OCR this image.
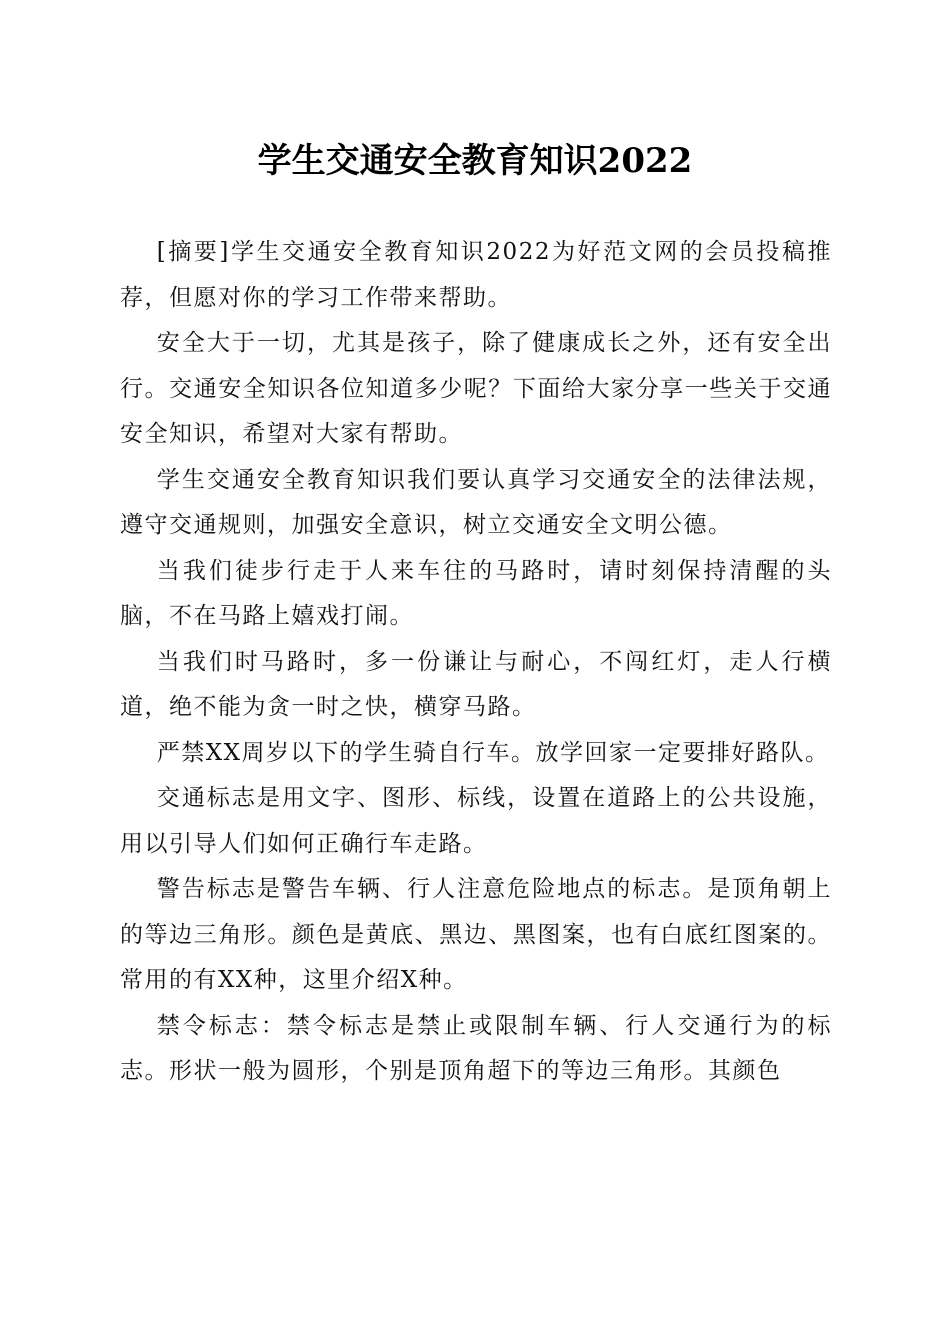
学生交通安全教育知识2022

[摘要]学生交通安全教育知识2022为好范文网的会员投稿推荐，但愿对你的学习工作带来帮助。

安全大于一切，尤其是孩子，除了健康成长之外，还有安全出行。交通安全知识各位知道多少呢？下面给大家分享一些关于交通安全知识，希望对大家有帮助。

学生交通安全教育知识我们要认真学习交通安全的法律法规，遵守交通规则，加强安全意识，树立交通安全文明公德。

当我们徒步行走于人来车往的马路时，请时刻保持清醒的头脑，不在马路上嬉戏打闹。

当我们时马路时，多一份谦让与耐心，不闯红灯，走人行横道，绝不能为贪一时之快，横穿马路。

严禁XX周岁以下的学生骑自行车。放学回家一定要排好路队。

交通标志是用文字、图形、标线，设置在道路上的公共设施，用以引导人们如何正确行车走路。

警告标志是警告车辆、行人注意危险地点的标志。是顶角朝上的等边三角形。颜色是黄底、黑边、黑图案，也有白底红图案的。常用的有XX种，这里介绍X种。

禁令标志：禁令标志是禁止或限制车辆、行人交通行为的标志。形状一般为圆形，个别是顶角超下的等边三角形。其颜色
